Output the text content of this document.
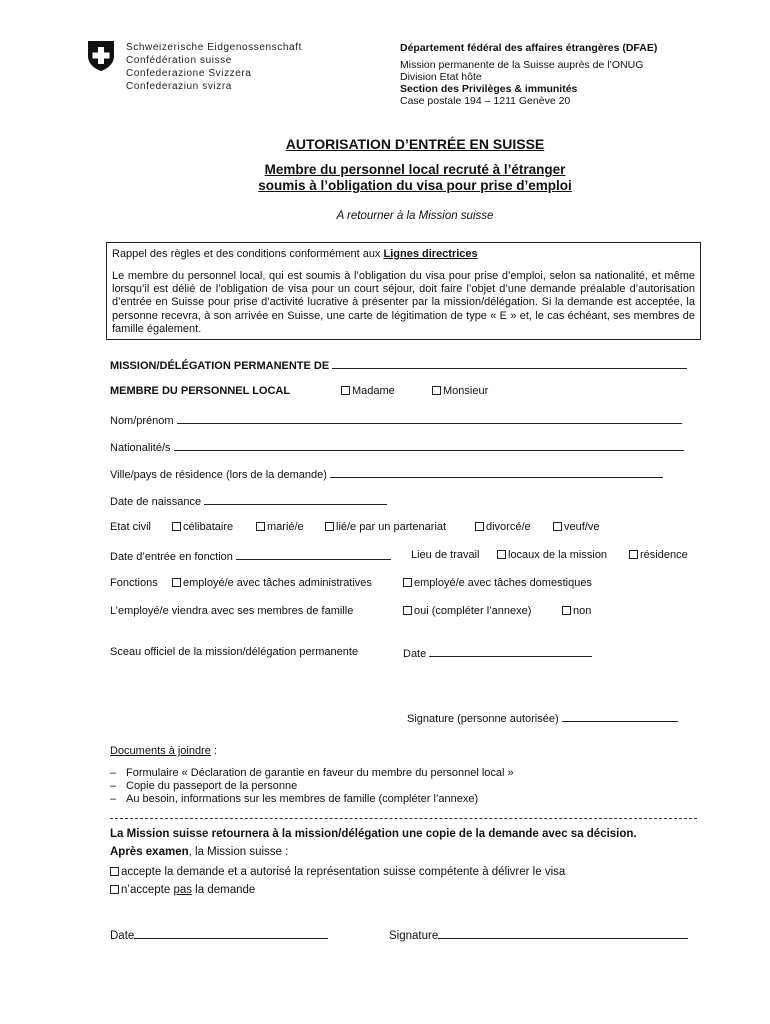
Schweizerische Eidgenossenschaft
Confédération suisse
Confederazione Svizzera
Confederaziun svizra
Département fédéral des affaires étrangères (DFAE)
Mission permanente de la Suisse auprès de l’ONUG
Division Etat hôte
Section des Privilèges & immunités
Case postale 194 – 1211 Genève 20
AUTORISATION D’ENTRÉE EN SUISSE
Membre du personnel local recruté à l’étranger
soumis à l’obligation du visa pour prise d’emploi
A retourner à la Mission suisse
Rappel des règles et des conditions conformément aux Lignes directrices
Le membre du personnel local, qui est soumis à l’obligation du visa pour prise d’emploi, selon sa nationalité, et même lorsqu’il est délié de l’obligation de visa pour un court séjour, doit faire l’objet d’une demande préalable d’autorisation d’entrée en Suisse pour prise d’activité lucrative à présenter par la mission/délégation. Si la demande est acceptée, la personne recevra, à son arrivée en Suisse, une carte de légitimation de type « E » et, le cas échéant, ses membres de famille également.
MISSION/DÉLÉGATION PERMANENTE DE
MEMBRE DU PERSONNEL LOCAL	Madame	Monsieur
Nom/prénom
Nationalité/s
Ville/pays de résidence (lors de la demande)
Date de naissance
Etat civil	célibataire	marié/e	lié/e par un partenariat	divorcé/e	veuf/ve
Date d’entrée en fonction	Lieu de travail	locaux de la mission	résidence
Fonctions	employé/e avec tâches administratives	employé/e avec tâches domestiques
L’employé/e viendra avec ses membres de famille	oui (compléter l’annexe)	non
Sceau officiel de la mission/délégation permanente	Date
Signature (personne autorisée)
Documents à joindre :
– Formulaire « Déclaration de garantie en faveur du membre du personnel local »
– Copie du passeport de la personne
– Au besoin, informations sur les membres de famille (compléter l’annexe)
La Mission suisse retournera à la mission/délégation une copie de la demande avec sa décision.
Après examen, la Mission suisse :
accepte la demande et a autorisé la représentation suisse compétente à délivrer le visa
n’accepte pas la demande
Date	Signature
